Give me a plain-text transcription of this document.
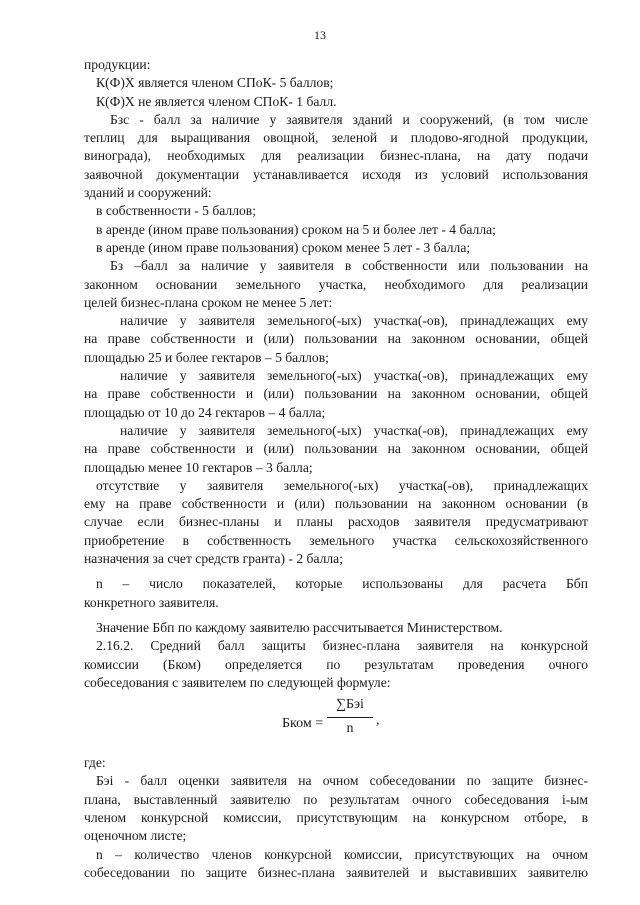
13
продукции:
К(Ф)Х является членом СПоК- 5 баллов;
К(Ф)Х не является членом СПоК- 1 балл.
Бзс - балл за наличие у заявителя зданий и сооружений, (в том числе
теплиц для выращивания овощной, зеленой и плодово-ягодной продукции,
винограда), необходимых для реализации бизнес-плана, на дату подачи
заявочной документации устанавливается исходя из условий использования
зданий и сооружений:
в собственности - 5 баллов;
в аренде (ином праве пользования) сроком на 5 и более лет - 4 балла;
в аренде (ином праве пользования) сроком менее 5 лет - 3 балла;
Бз –балл за наличие у заявителя в собственности или пользовании на
законном основании земельного участка, необходимого для реализации
целей бизнес-плана сроком не менее 5 лет:
наличие у заявителя земельного(-ых) участка(-ов), принадлежащих ему
на праве собственности и (или) пользовании на законном основании, общей
площадью 25 и более гектаров – 5 баллов;
наличие у заявителя земельного(-ых) участка(-ов), принадлежащих ему
на праве собственности и (или) пользовании на законном основании, общей
площадью от 10 до 24 гектаров – 4 балла;
наличие у заявителя земельного(-ых) участка(-ов), принадлежащих ему
на праве собственности и (или) пользовании на законном основании, общей
площадью менее 10 гектаров – 3 балла;
отсутствие у заявителя земельного(-ых) участка(-ов), принадлежащих
ему на праве собственности и (или) пользовании на законном основании (в
случае если бизнес-планы и планы расходов заявителя предусматривают
приобретение в собственность земельного участка сельскохозяйственного
назначения за счет средств гранта) - 2 балла;
n – число показателей, которые использованы для расчета Ббп
конкретного заявителя.
Значение Ббп по каждому заявителю рассчитывается Министерством.
2.16.2. Средний балл защиты бизнес-плана заявителя на конкурсной
комиссии (Бком) определяется по результатам проведения очного
собеседования с заявителем по следующей формуле:
Бком =
∑Бэi
n
,
где:
Бэi - балл оценки заявителя на очном собеседовании по защите бизнес-
плана, выставленный заявителю по результатам очного собеседования i-ым
членом конкурсной комиссии, присутствующим на конкурсном отборе, в
оценочном листе;
n – количество членов конкурсной комиссии, присутствующих на очном
собеседовании по защите бизнес-плана заявителей и выставивших заявителю
